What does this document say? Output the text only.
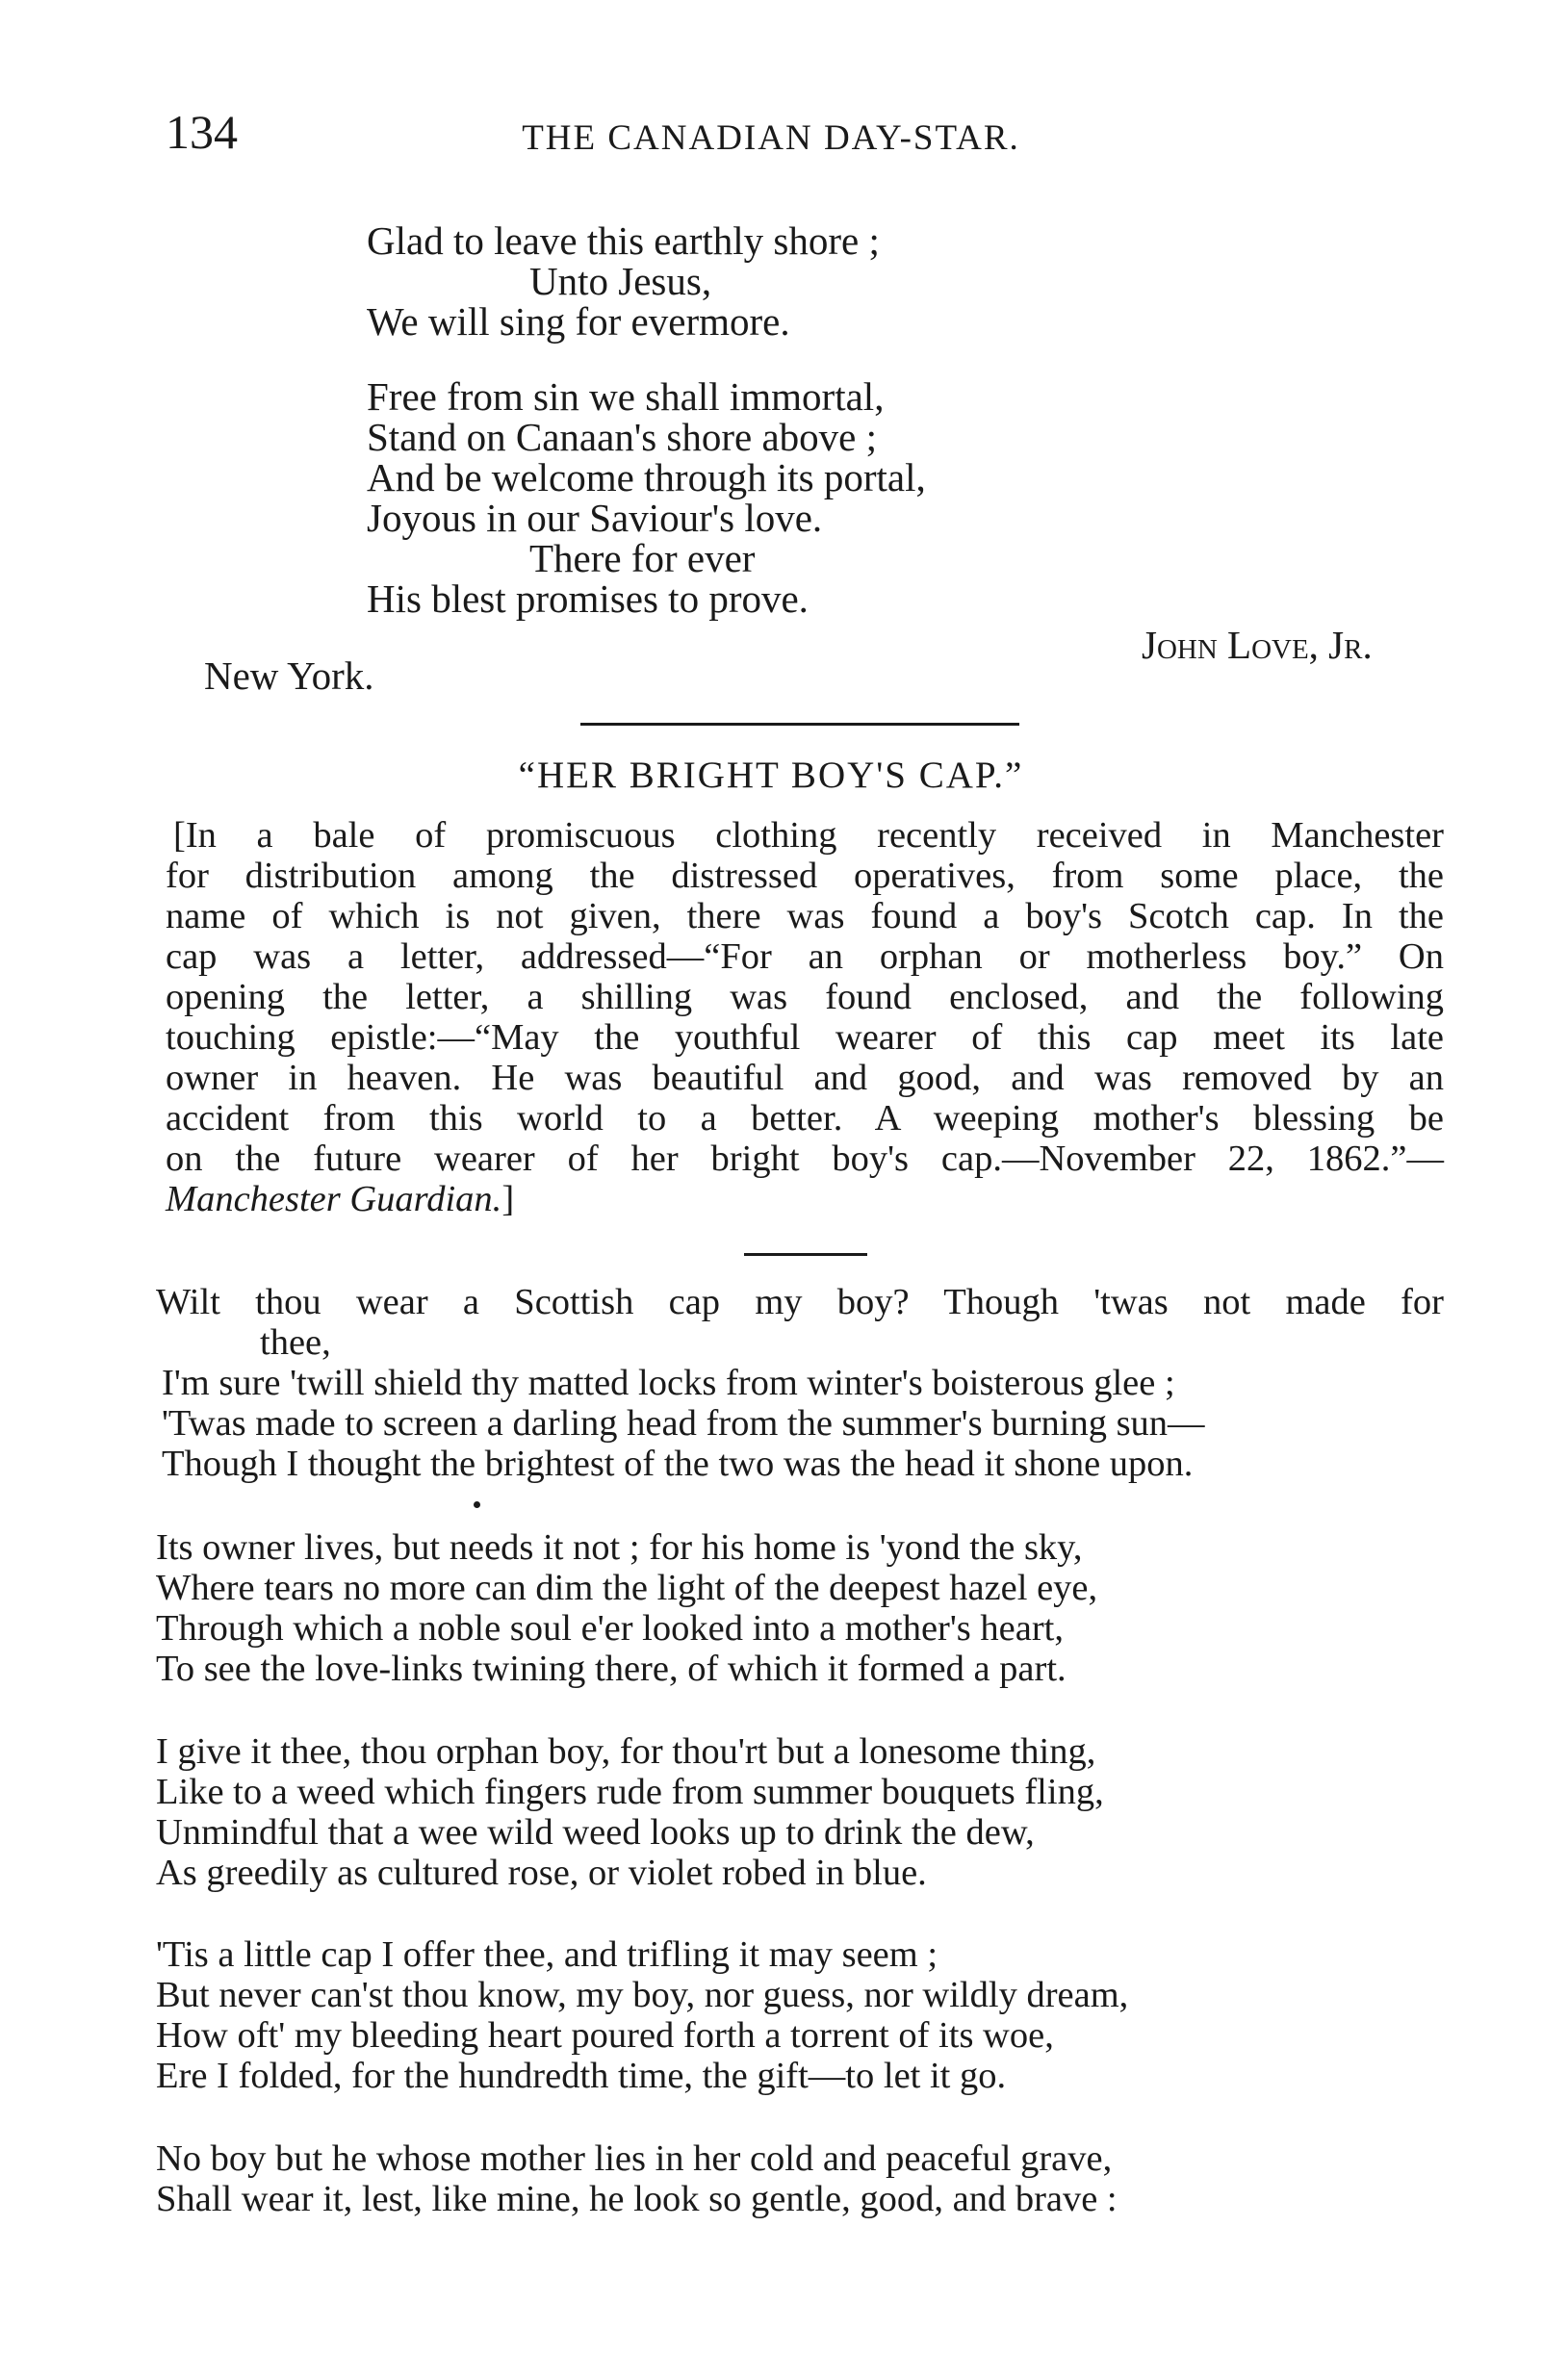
134	THE CANADIAN DAY-STAR.
Glad to leave this earthly shore ;
Unto Jesus,
We will sing for evermore.
Free from sin we shall immortal,
Stand on Canaan's shore above ;
And be welcome through its portal,
Joyous in our Saviour's love.
There for ever
His blest promises to prove.
John Love, Jr.
New York.
“HER BRIGHT BOY'S CAP.”
[In a bale of promiscuous clothing recently received in Manchester
for distribution among the distressed operatives, from some place, the
name of which is not given, there was found a boy's Scotch cap. In the
cap was a letter, addressed—“For an orphan or motherless boy.” On
opening the letter, a shilling was found enclosed, and the following
touching epistle:—“May the youthful wearer of this cap meet its late
owner in heaven. He was beautiful and good, and was removed by an
accident from this world to a better. A weeping mother's blessing be
on the future wearer of her bright boy's cap.—November 22, 1862.”—
Manchester Guardian.]
Wilt thou wear a Scottish cap my boy? Though 'twas not made for
thee,
I'm sure 'twill shield thy matted locks from winter's boisterous glee ;
'Twas made to screen a darling head from the summer's burning sun—
Though I thought the brightest of the two was the head it shone upon.
Its owner lives, but needs it not ; for his home is 'yond the sky,
Where tears no more can dim the light of the deepest hazel eye,
Through which a noble soul e'er looked into a mother's heart,
To see the love-links twining there, of which it formed a part.
I give it thee, thou orphan boy, for thou'rt but a lonesome thing,
Like to a weed which fingers rude from summer bouquets fling,
Unmindful that a wee wild weed looks up to drink the dew,
As greedily as cultured rose, or violet robed in blue.
'Tis a little cap I offer thee, and trifling it may seem ;
But never can'st thou know, my boy, nor guess, nor wildly dream,
How oft' my bleeding heart poured forth a torrent of its woe,
Ere I folded, for the hundredth time, the gift—to let it go.
No boy but he whose mother lies in her cold and peaceful grave,
Shall wear it, lest, like mine, he look so gentle, good, and brave :
